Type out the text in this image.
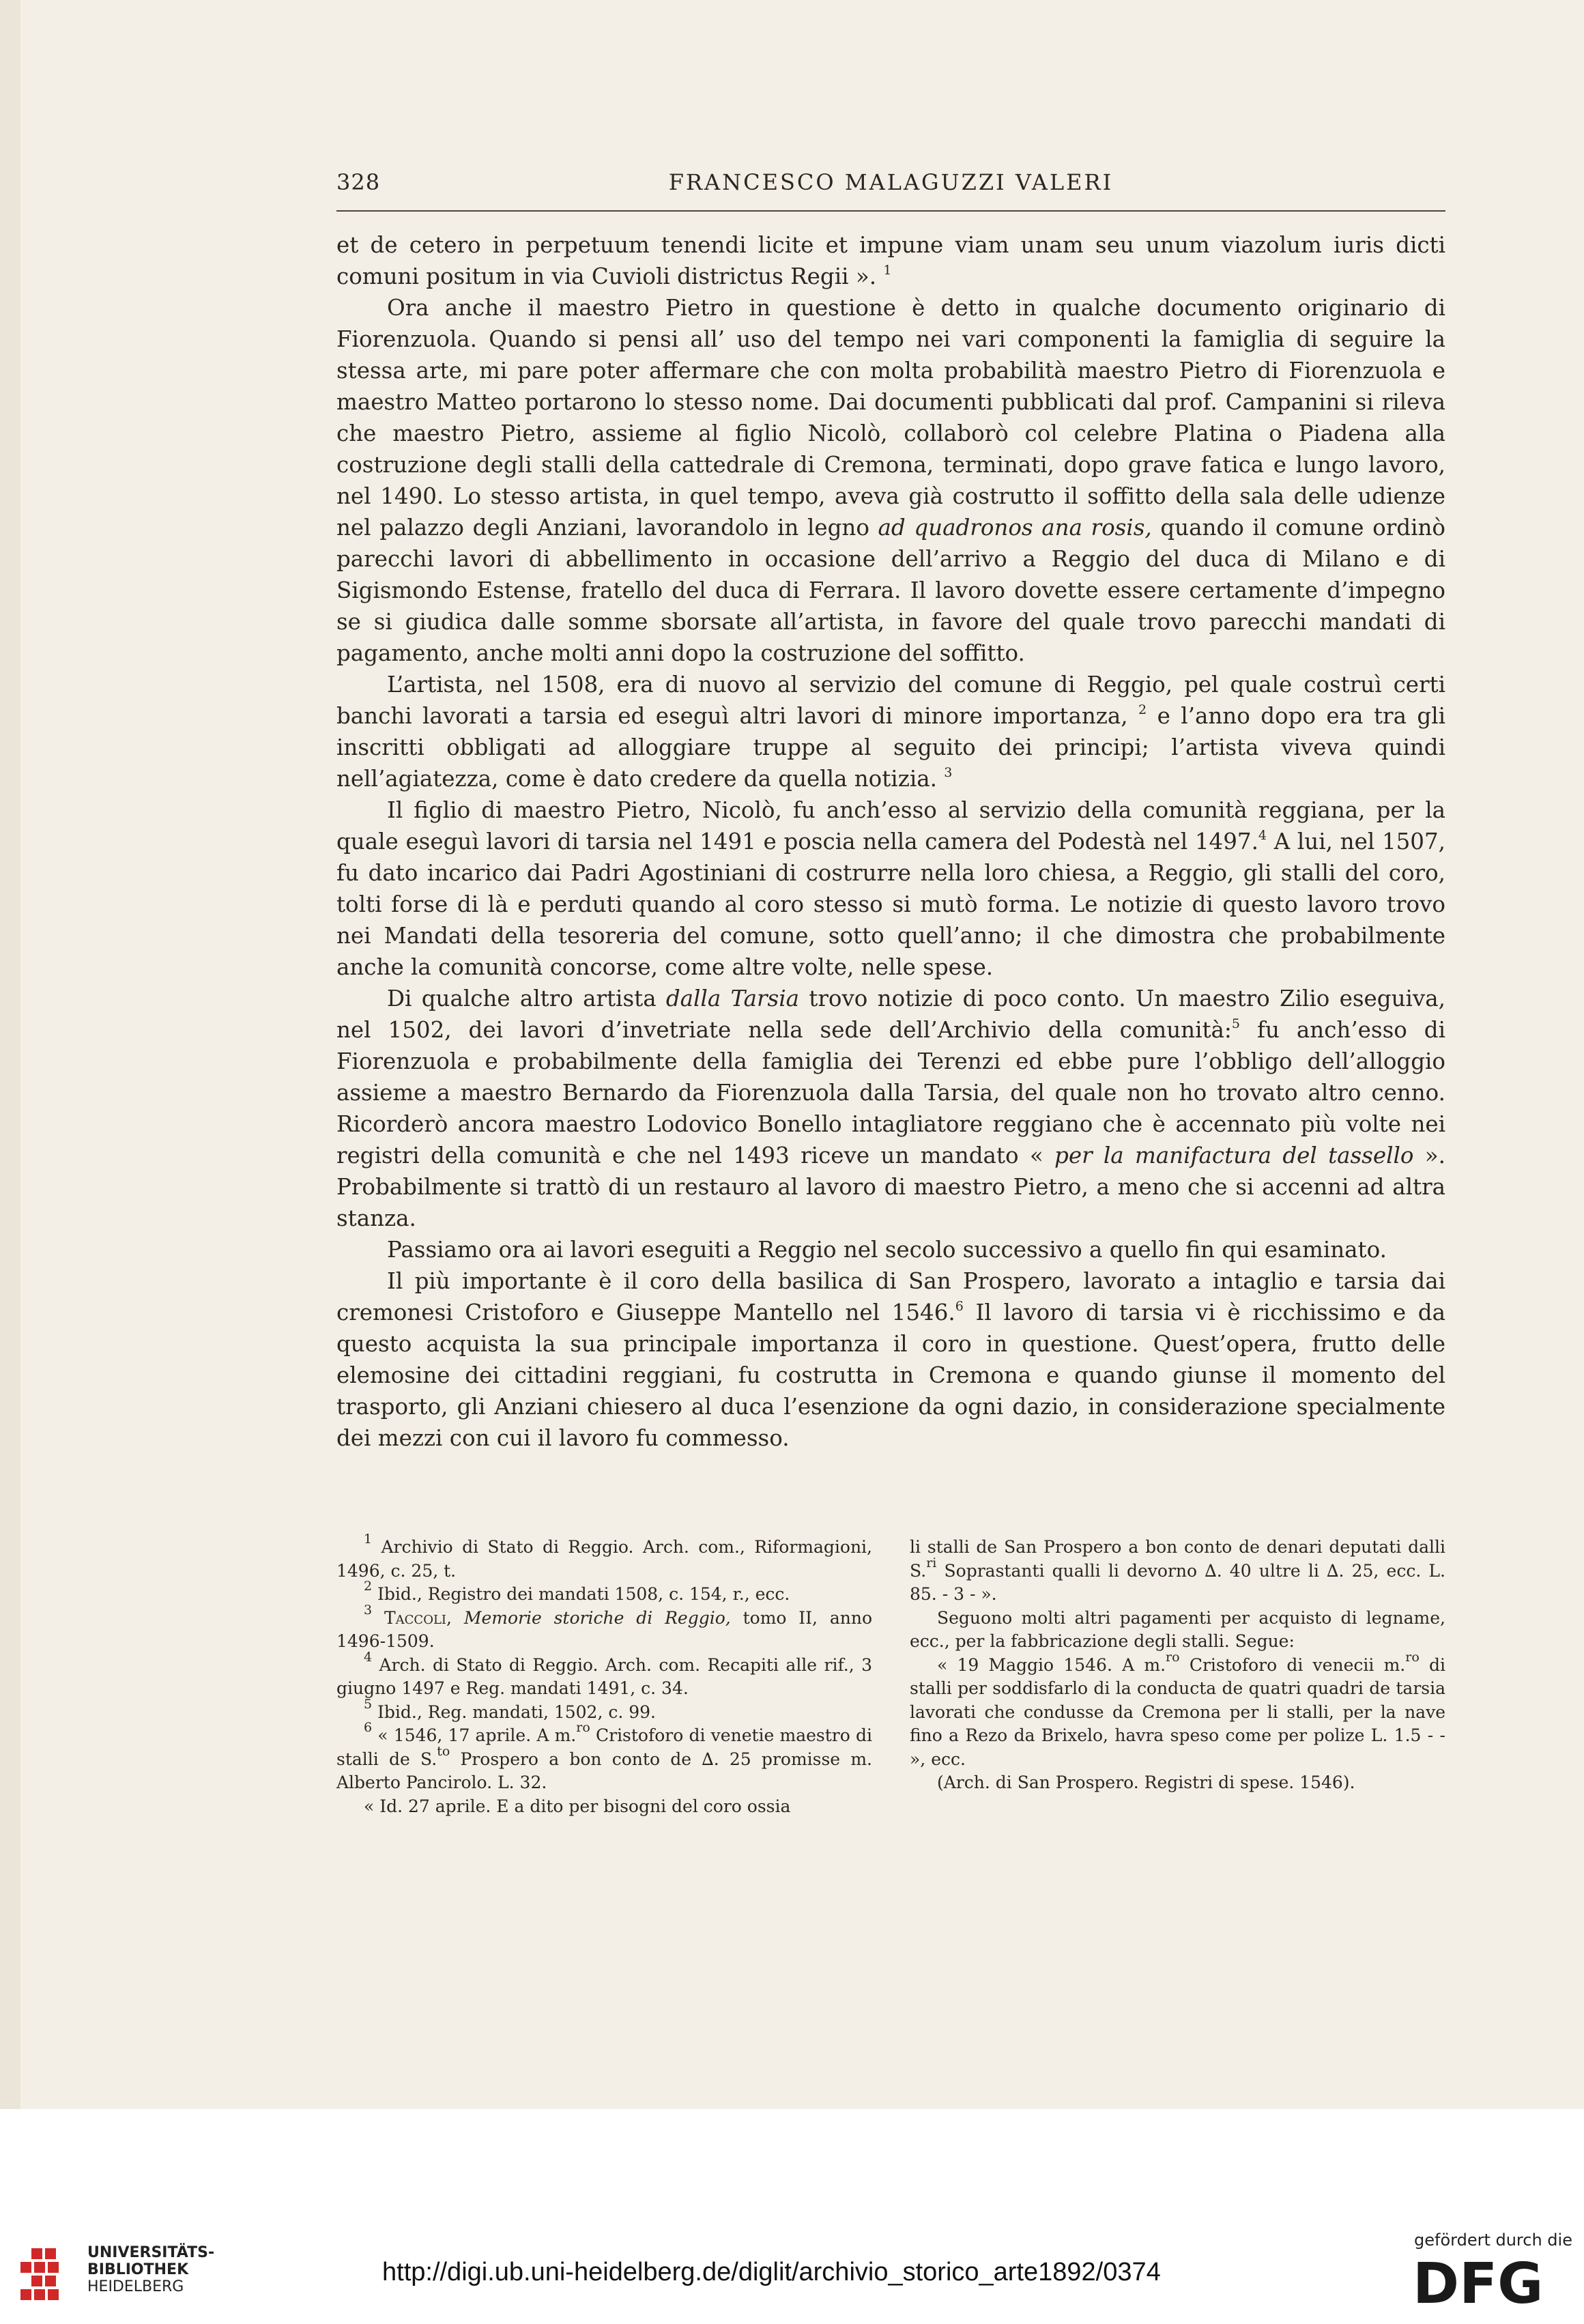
328	FRANCESCO MALAGUZZI VALERI

et de cetero in perpetuum tenendi licite et impune viam unam seu unum viazolum iuris dicti comuni positum in via Cuvioli districtus Regii ». $^1$

Ora anche il maestro Pietro in questione è detto in qualche documento originario di Fiorenzuola. Quando si pensi all’ uso del tempo nei vari componenti la famiglia di seguire la stessa arte, mi pare poter affermare che con molta probabilità maestro Pietro di Fiorenzuola e maestro Matteo portarono lo stesso nome. Dai documenti pubblicati dal prof. Campanini si rileva che maestro Pietro, assieme al figlio Nicolò, collaborò col celebre Platina o Piadena alla costruzione degli stalli della cattedrale di Cremona, terminati, dopo grave fatica e lungo lavoro, nel 1490. Lo stesso artista, in quel tempo, aveva già costrutto il soffitto della sala delle udienze nel palazzo degli Anziani, lavorandolo in legno ad quadronos ana rosis, quando il comune ordinò parecchi lavori di abbellimento in occasione dell’arrivo a Reggio del duca di Milano e di Sigismondo Estense, fratello del duca di Ferrara. Il lavoro dovette essere certamente d’impegno se si giudica dalle somme sborsate all’artista, in favore del quale trovo parecchi mandati di pagamento, anche molti anni dopo la costruzione del soffitto.

L’artista, nel 1508, era di nuovo al servizio del comune di Reggio, pel quale costruì certi banchi lavorati a tarsia ed eseguì altri lavori di minore importanza, $^2$ e l’anno dopo era tra gli inscritti obbligati ad alloggiare truppe al seguito dei principi; l’artista viveva quindi nell’agiatezza, come è dato credere da quella notizia. $^3$

Il figlio di maestro Pietro, Nicolò, fu anch’esso al servizio della comunità reggiana, per la quale eseguì lavori di tarsia nel 1491 e poscia nella camera del Podestà nel 1497.$^4$ A lui, nel 1507, fu dato incarico dai Padri Agostiniani di costrurre nella loro chiesa, a Reggio, gli stalli del coro, tolti forse di là e perduti quando al coro stesso si mutò forma. Le notizie di questo lavoro trovo nei Mandati della tesoreria del comune, sotto quell’anno; il che dimostra che probabilmente anche la comunità concorse, come altre volte, nelle spese.

Di qualche altro artista dalla Tarsia trovo notizie di poco conto. Un maestro Zilio eseguiva, nel 1502, dei lavori d’invetriate nella sede dell’Archivio della comunità:$^5$ fu anch’esso di Fiorenzuola e probabilmente della famiglia dei Terenzi ed ebbe pure l’obbligo dell’alloggio assieme a maestro Bernardo da Fiorenzuola dalla Tarsia, del quale non ho trovato altro cenno. Ricorderò ancora maestro Lodovico Bonello intagliatore reggiano che è accennato più volte nei registri della comunità e che nel 1493 riceve un mandato « per la manifactura del tassello ». Probabilmente si trattò di un restauro al lavoro di maestro Pietro, a meno che si accenni ad altra stanza.

Passiamo ora ai lavori eseguiti a Reggio nel secolo successivo a quello fin qui esaminato.

Il più importante è il coro della basilica di San Prospero, lavorato a intaglio e tarsia dai cremonesi Cristoforo e Giuseppe Mantello nel 1546.$^6$ Il lavoro di tarsia vi è ricchissimo e da questo acquista la sua principale importanza il coro in questione. Quest’opera, frutto delle elemosine dei cittadini reggiani, fu costrutta in Cremona e quando giunse il momento del trasporto, gli Anziani chiesero al duca l’esenzione da ogni dazio, in considerazione specialmente dei mezzi con cui il lavoro fu commesso.

$^1$ Archivio di Stato di Reggio. Arch. com., Riformagioni, 1496, c. 25, t.

$^2$ Ibid., Registro dei mandati 1508, c. 154, r., ecc.

$^3$ Taccoli, Memorie storiche di Reggio, tomo II, anno 1496-1509.

$^4$ Arch. di Stato di Reggio. Arch. com. Recapiti alle rif., 3 giugno 1497 e Reg. mandati 1491, c. 34.

$^5$ Ibid., Reg. mandati, 1502, c. 99.

$^6$ « 1546, 17 aprile. A m.$^{ro}$ Cristoforo di venetie maestro di stalli de S.$^{to}$ Prospero a bon conto de ∆. 25 promisse m. Alberto Pancirolo. L. 32.

« Id. 27 aprile. E a dito per bisogni del coro ossia

li stalli de San Prospero a bon conto de denari deputati dalli S.$^{ri}$ Soprastanti qualli li devorno ∆. 40 ultre li ∆. 25, ecc. L. 85. - 3 - ».

Seguono molti altri pagamenti per acquisto di legname, ecc., per la fabbricazione degli stalli. Segue:

« 19 Maggio 1546. A m.$^{ro}$ Cristoforo di venecii m.$^{ro}$ di stalli per soddisfarlo di la conducta de quatri quadri de tarsia lavorati che condusse da Cremona per li stalli, per la nave fino a Rezo da Brixelo, havra speso come per polize L. 1.5 - - », ecc.

(Arch. di San Prospero. Registri di spese. 1546).

UNIVERSITÄTS-
BIBLIOTHEK
HEIDELBERG
http://digi.ub.uni-heidelberg.de/diglit/archivio_storico_arte1892/0374
gefördert durch die
DFG
